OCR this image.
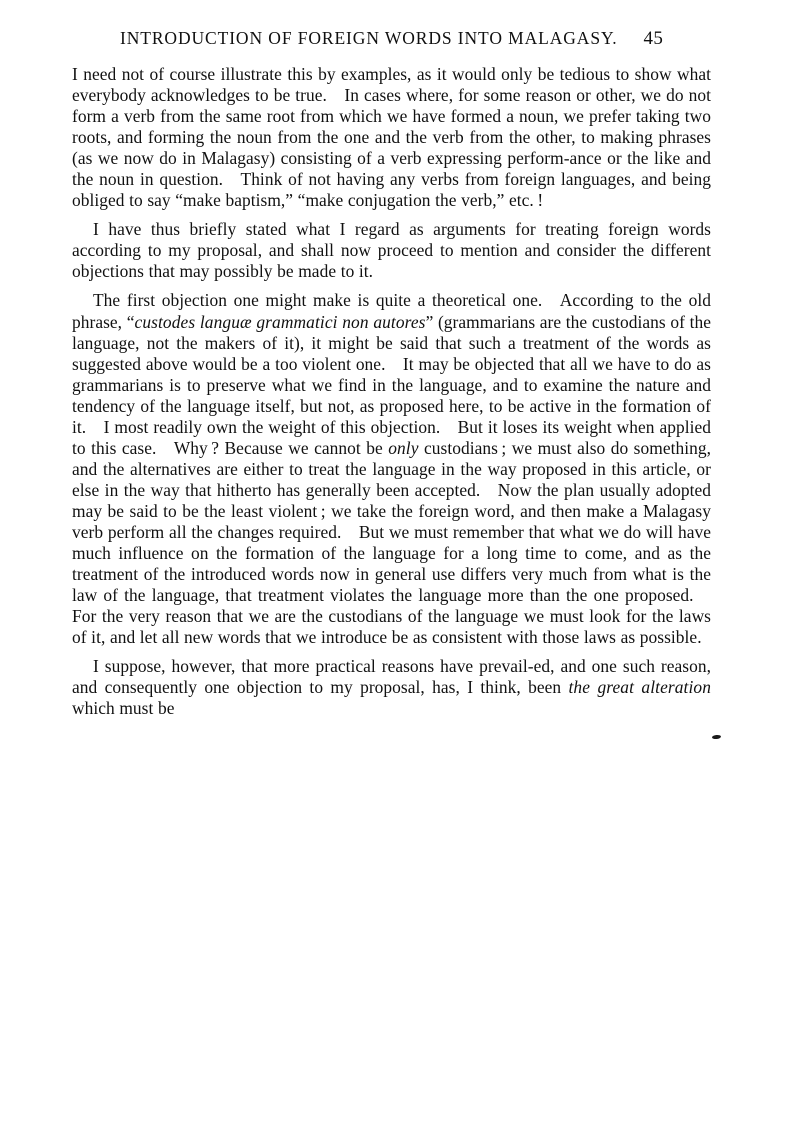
INTRODUCTION OF FOREIGN WORDS INTO MALAGASY. 45

I need not of course illustrate this by examples, as it would only be tedious to show what everybody acknowledges to be true. In cases where, for some reason or other, we do not form a verb from the same root from which we have formed a noun, we prefer taking two roots, and forming the noun from the one and the verb from the other, to making phrases (as we now do in Malagasy) consisting of a verb expressing perform‐ance or the like and the noun in question. Think of not having any verbs from foreign languages, and being obliged to say “make baptism,” “make conjugation the verb,” etc. !

I have thus briefly stated what I regard as arguments for treating foreign words according to my proposal, and shall now proceed to mention and consider the different objections that may possibly be made to it.

The first objection one might make is quite a theoretical one. According to the old phrase, “custodes languæ grammatici non autores” (grammarians are the custodians of the language, not the makers of it), it might be said that such a treatment of the words as suggested above would be a too violent one. It may be objected that all we have to do as grammarians is to preserve what we find in the language, and to examine the nature and tendency of the language itself, but not, as proposed here, to be active in the formation of it. I most readily own the weight of this objection. But it loses its weight when applied to this case. Why ? Because we cannot be only custodians ; we must also do something, and the alternatives are either to treat the language in the way proposed in this article, or else in the way that hitherto has generally been accepted. Now the plan usually adopted may be said to be the least violent ; we take the foreign word, and then make a Malagasy verb perform all the changes required. But we must remember that what we do will have much influence on the formation of the language for a long time to come, and as the treatment of the introduced words now in general use differs very much from what is the law of the language, that treatment violates the language more than the one proposed. For the very reason that we are the custodians of the language we must look for the laws of it, and let all new words that we introduce be as consistent with those laws as possible.

I suppose, however, that more practical reasons have prevail‐ed, and one such reason, and consequently one objection to my proposal, has, I think, been the great alteration which must be
